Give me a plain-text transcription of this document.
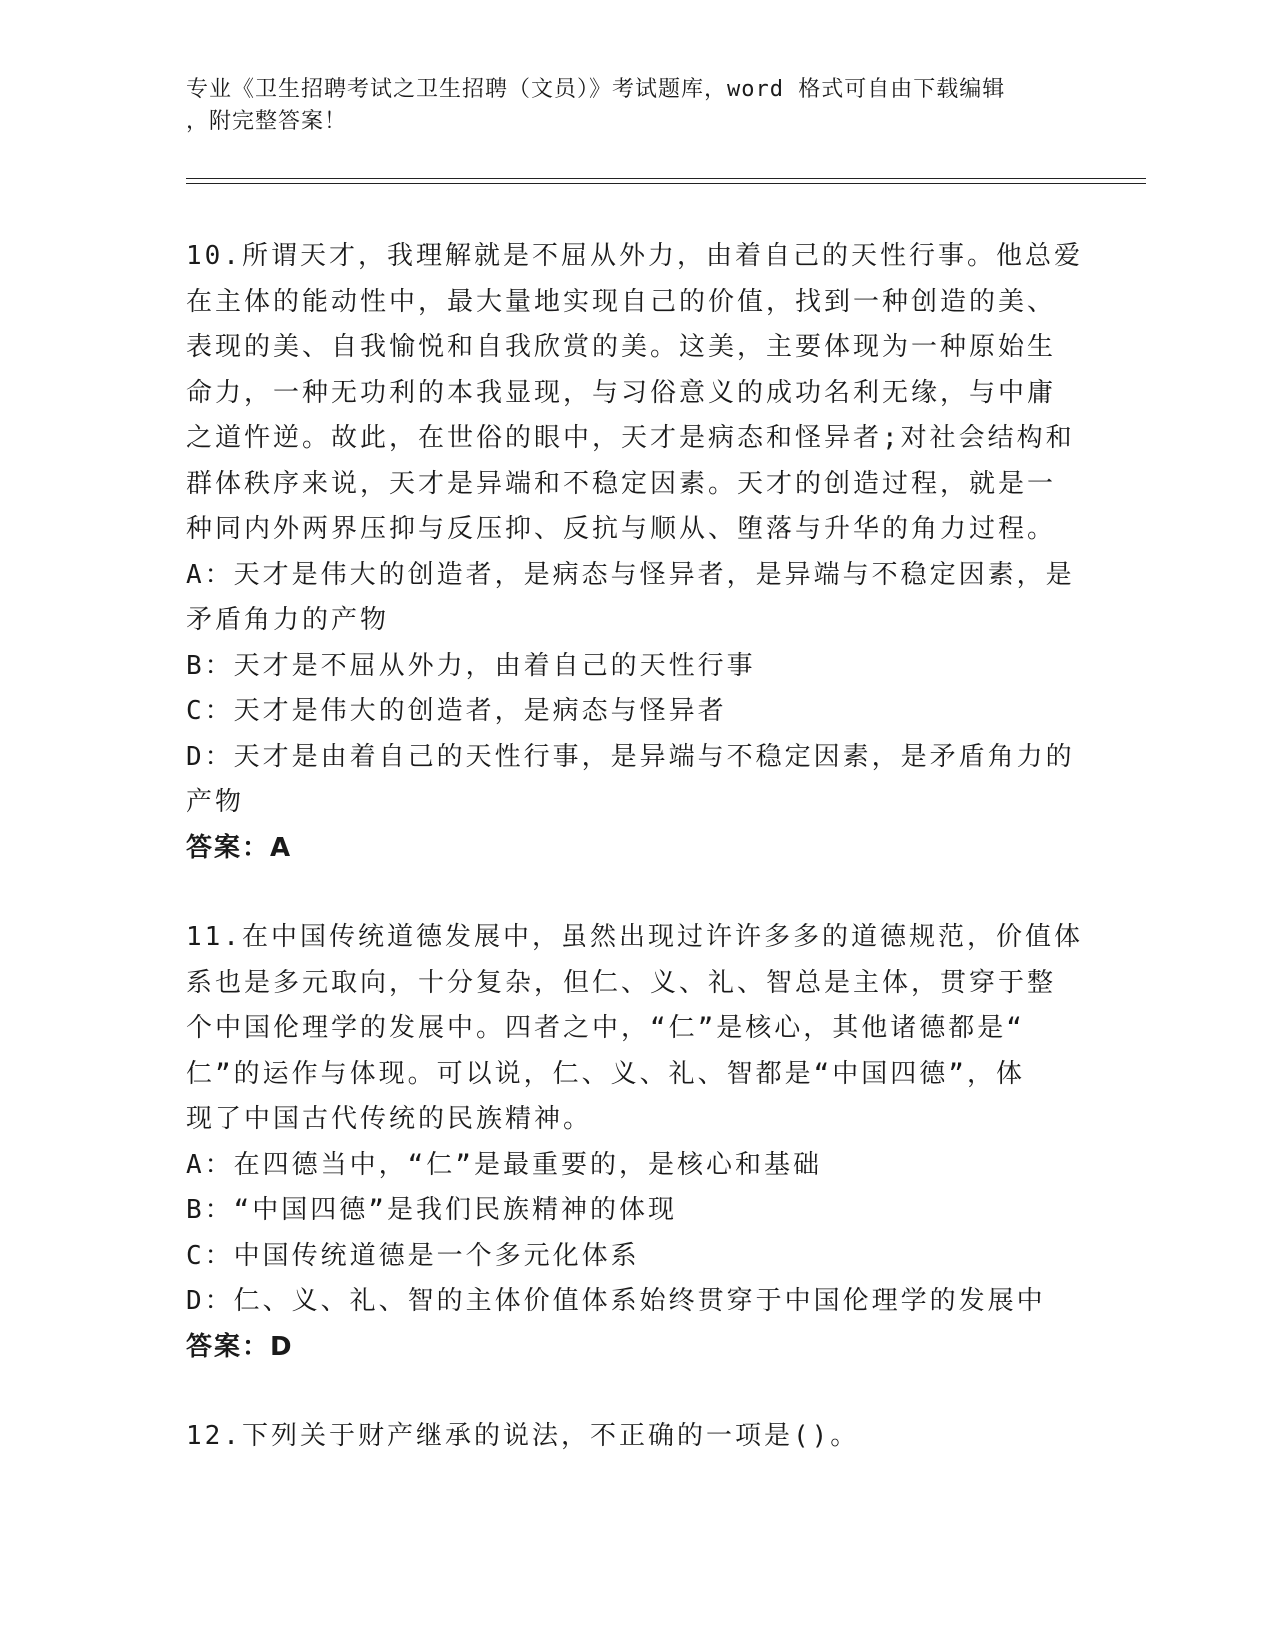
专业《卫生招聘考试之卫生招聘（文员）》考试题库，word 格式可自由下载编辑
，附完整答案！
10.所谓天才，我理解就是不屈从外力，由着自己的天性行事。他总爱
在主体的能动性中，最大量地实现自己的价值，找到一种创造的美、
表现的美、自我愉悦和自我欣赏的美。这美，主要体现为一种原始生
命力，一种无功利的本我显现，与习俗意义的成功名利无缘，与中庸
之道忤逆。故此，在世俗的眼中，天才是病态和怪异者;对社会结构和
群体秩序来说，天才是异端和不稳定因素。天才的创造过程，就是一
种同内外两界压抑与反压抑、反抗与顺从、堕落与升华的角力过程。
A：天才是伟大的创造者，是病态与怪异者，是异端与不稳定因素，是
矛盾角力的产物
B：天才是不屈从外力，由着自己的天性行事
C：天才是伟大的创造者，是病态与怪异者
D：天才是由着自己的天性行事，是异端与不稳定因素，是矛盾角力的
产物
答案：A
11.在中国传统道德发展中，虽然出现过许许多多的道德规范，价值体
系也是多元取向，十分复杂，但仁、义、礼、智总是主体，贯穿于整
个中国伦理学的发展中。四者之中，“仁”是核心，其他诸德都是“
仁”的运作与体现。可以说，仁、义、礼、智都是“中国四德”，体
现了中国古代传统的民族精神。
A：在四德当中，“仁”是最重要的，是核心和基础
B：“中国四德”是我们民族精神的体现
C：中国传统道德是一个多元化体系
D：仁、义、礼、智的主体价值体系始终贯穿于中国伦理学的发展中
答案：D
12.下列关于财产继承的说法，不正确的一项是()。
